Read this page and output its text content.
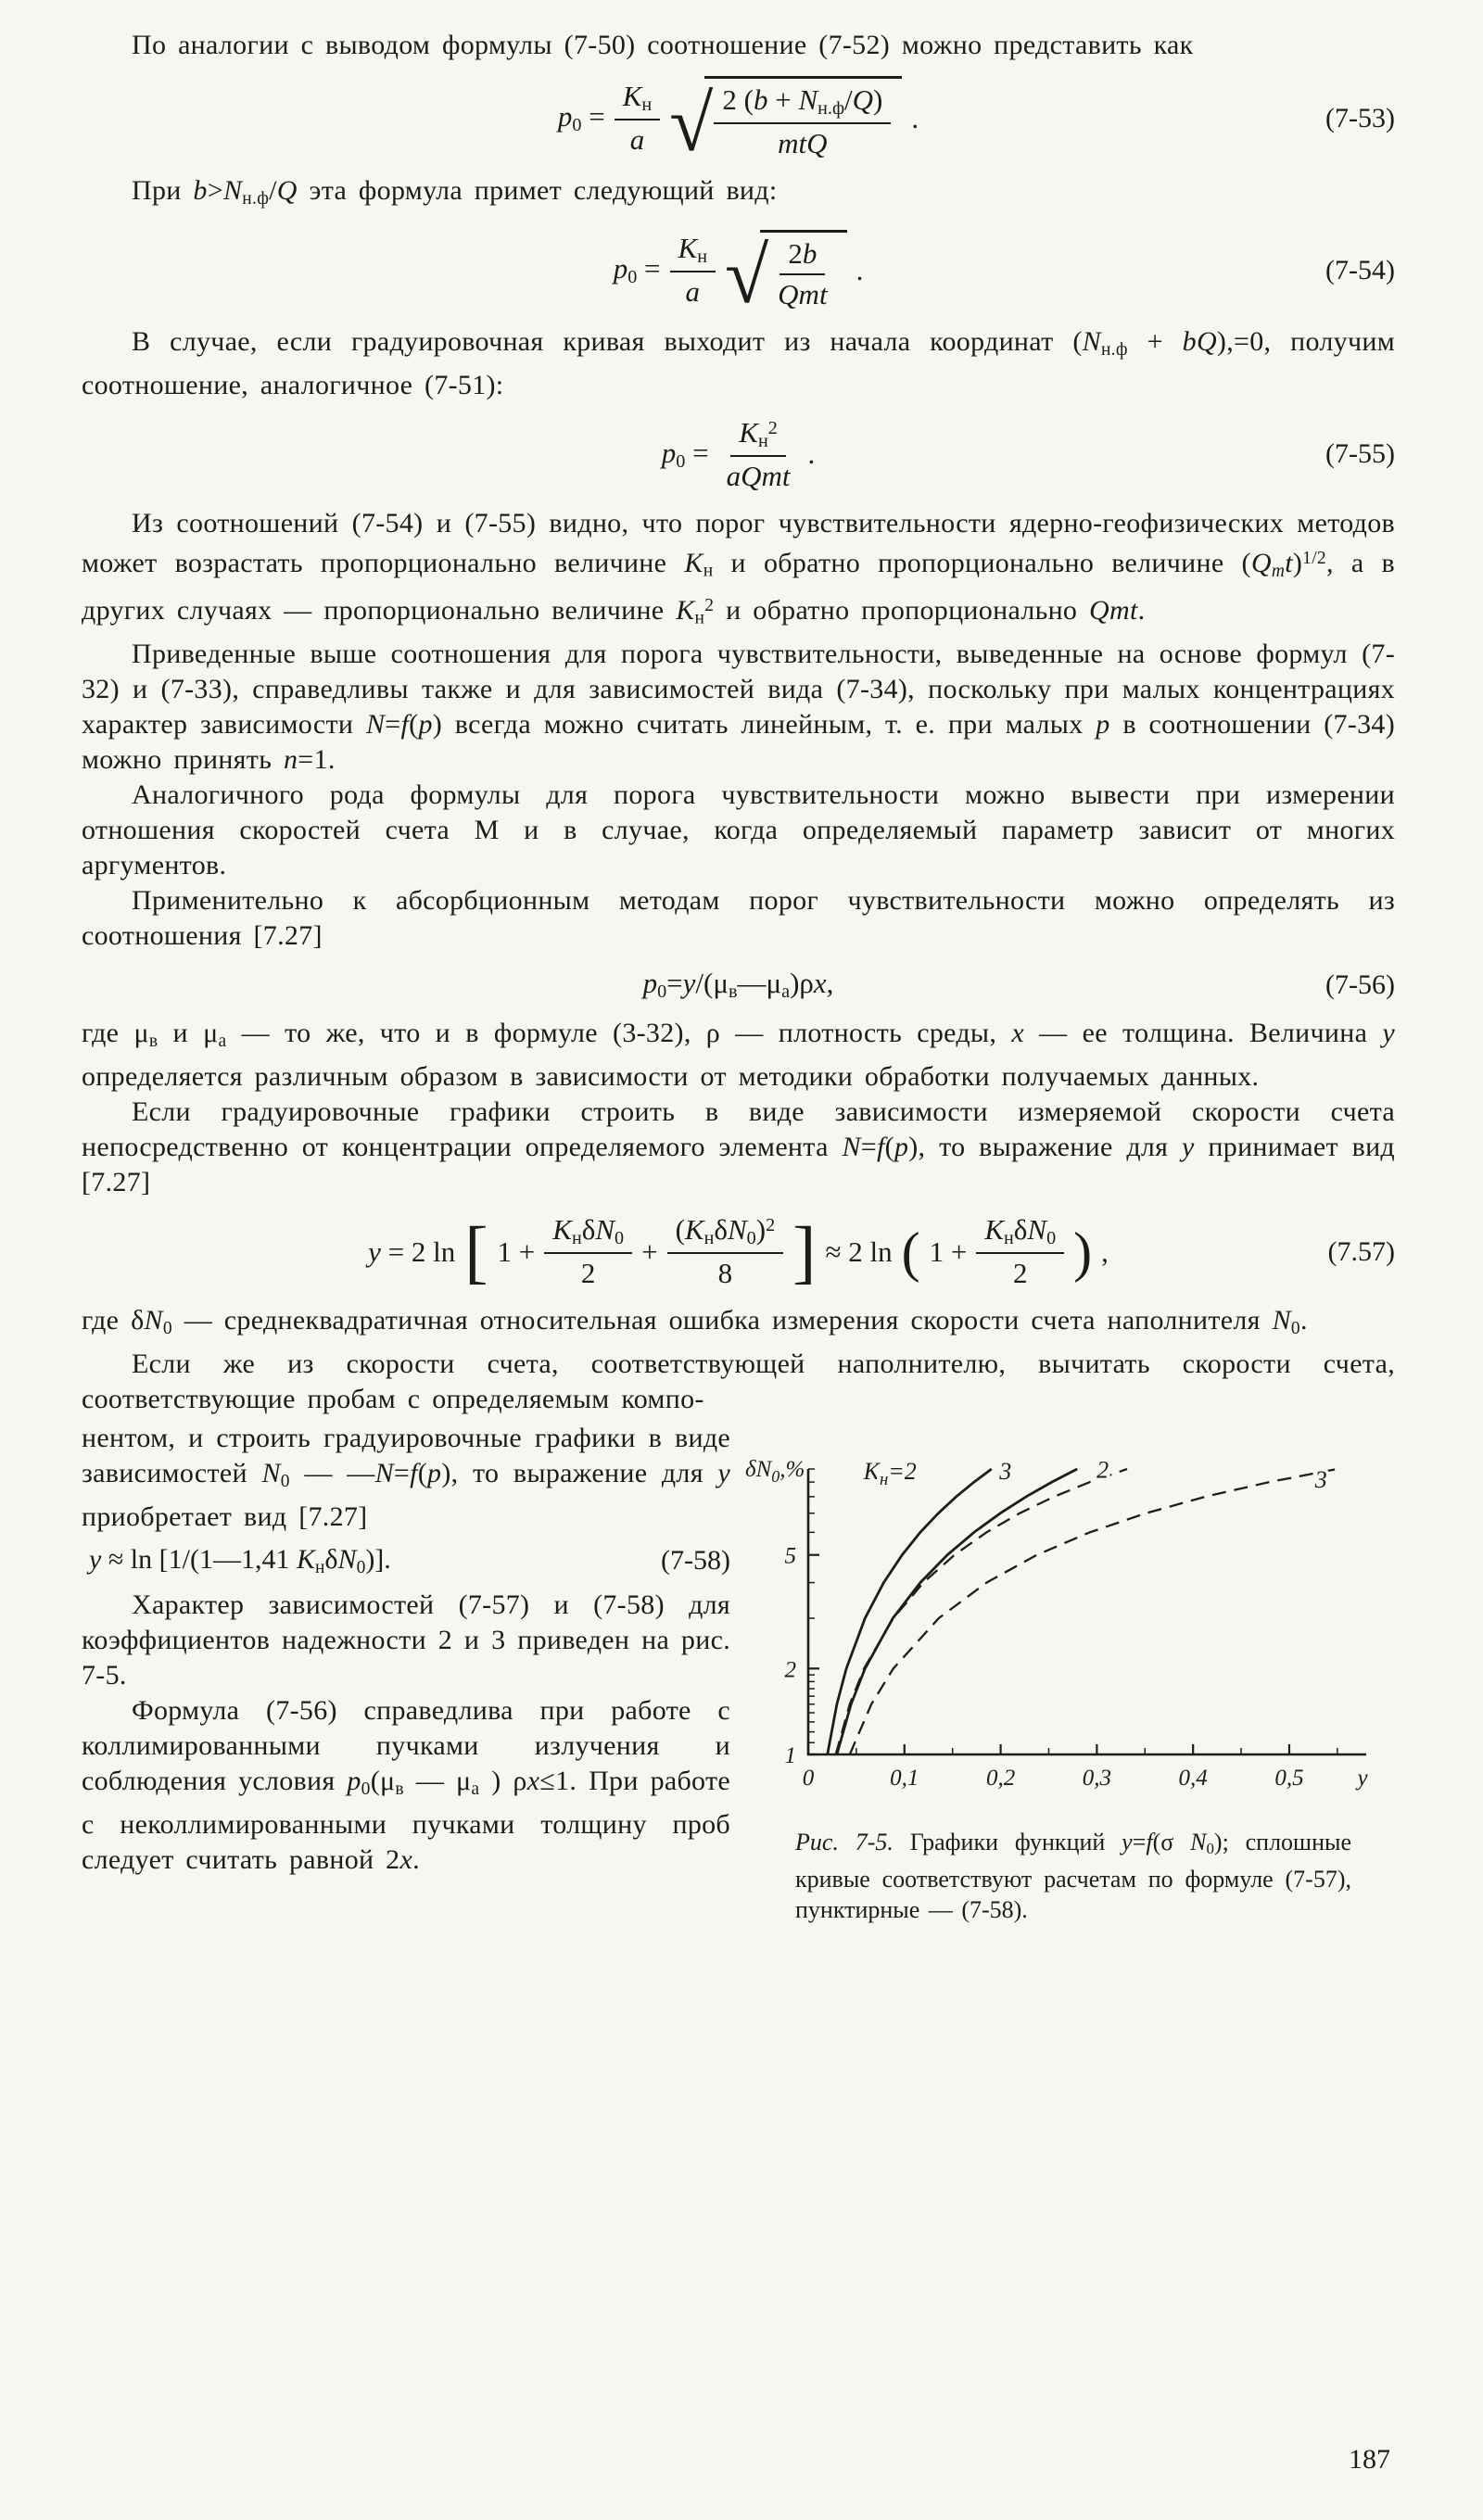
По аналогии с выводом формулы (7-50) соотношение (7-52) можно представить как

$p_0 = \frac{K_н}{a}$ √ $\frac{2 (b + N_{н.ф}/Q)}{\text{mtQ}}$ .	(7-53)

При $b>N_{н.ф}/Q$ эта формула примет следующий вид:

$p_0 = \frac{K_н}{a}$ √ $\frac{2b}{\text{Qmt}}$ .	(7-54)

В случае, если градуировочная кривая выходит из начала координат $(N_{н.ф} + bQ),=0$, получим соотношение, аналогичное (7-51):

$p_0 = \frac{K_н^2}{\text{aQmt}}$ .	(7-55)

Из соотношений (7-54) и (7-55) видно, что порог чувствительности ядерно-геофизических методов может возрастать пропорционально величине $K_н$ и обратно пропорционально величине $(Q_mt)^{1/2}$, а в других случаях — пропорционально величине $K_н^2$ и обратно пропорционально Qmt.

Приведенные выше соотношения для порога чувствительности, выведенные на основе формул (7-32) и (7-33), справедливы также и для зависимостей вида (7-34), поскольку при малых концентрациях характер зависимости N=f(p) всегда можно считать линейным, т. е. при малых p в соотношении (7-34) можно принять n=1.

Аналогичного рода формулы для порога чувствительности можно вывести при измерении отношения скоростей счета М и в случае, когда определяемый параметр зависит от многих аргументов.

Применительно к абсорбционным методам порог чувствительности можно определять из соотношения [7.27]

$p_0=y/(\mu_в—\mu_а)\rho x$,	(7-56)

где $\mu_в$ и $\mu_а$ — то же, что и в формуле (3-32), ρ — плотность среды, x — ее толщина. Величина y определяется различным образом в зависимости от методики обработки получаемых данных.

Если градуировочные графики строить в виде зависимости измеряемой скорости счета непосредственно от концентрации определяемого элемента N=f(p), то выражение для y принимает вид [7.27]

y = 2 ln [ $1 + \frac{K_н\delta N_0}{2} + \frac{(K_н\delta N_0)^2}{8}$ ] ≈ 2 ln ( $1 + \frac{K_н\delta N_0}{2}$ ) ,	(7.57)

где $\delta N_0$ — среднеквадратичная относительная ошибка измерения скорости счета наполнителя $N_0$.

Если же из скорости счета, соответствующей наполнителю, вычитать скорости счета, соответствующие пробам с определяемым компо-

нентом, и строить градуировочные графики в виде зависимостей $N_0$ — —N=f(p), то выражение для y приобретает вид [7.27]

y ≈ ln [1/(1—1,41 $K_н\delta N_0$)].	(7-58)

Характер зависимостей (7-57) и (7-58) для коэффициентов надежности 2 и 3 приведен на рис. 7-5.

Формула (7-56) справедлива при работе с коллимированными пучками излучения и соблюдения условия $p_0(\mu_в$ — $\mu_а$ ) ρx≤1. При работе с неколлимированными пучками толщину проб следует считать равной 2x.

1
2
5
0	0,1	0,2	0,3	0,4	0,5 y
$\delta N_0,\%$ $K_н=2$	3	2	3
Рис. 7-5. Графики функций y=f(σ $N_0$); сплошные кривые соответствуют расчетам по формуле (7-57), пунктирные — (7-58).
187
